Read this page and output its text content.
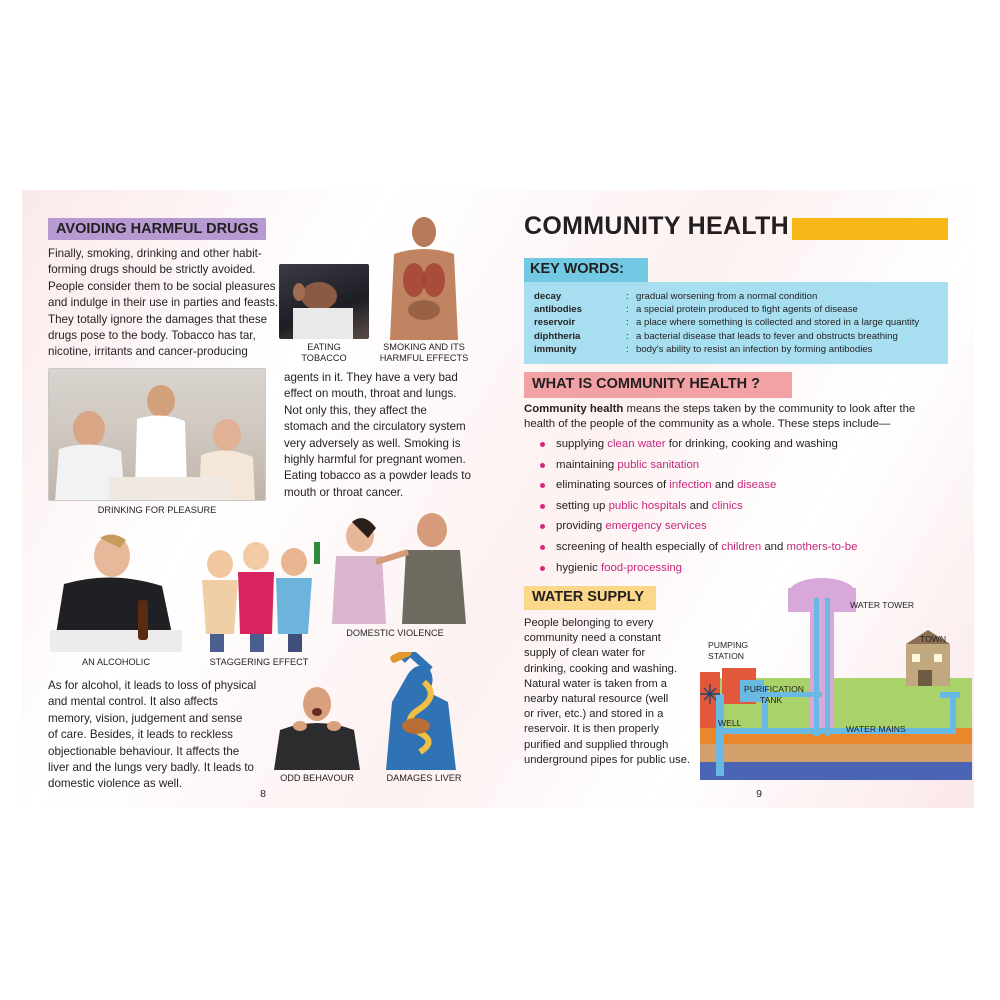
AVOIDING HARMFUL DRUGS
Finally, smoking, drinking and other habit-
forming drugs should be strictly avoided.
People consider them to be social pleasures
and indulge in their use in parties and feasts.
They totally ignore the damages that these
drugs pose to the body. Tobacco has tar,
nicotine, irritants and cancer-producing	EATING TOBACCO
SMOKING AND ITS HARMFUL EFFECTS
DRINKING FOR PLEASURE
agents in it. They have a very bad
effect on mouth, throat and lungs.
Not only this, they affect the
stomach and the circulatory system
very adversely as well. Smoking is
highly harmful for pregnant women.
Eating tobacco as a powder leads to
mouth or throat cancer.
AN ALCOHOLIC	STAGGERING EFFECT
DOMESTIC VIOLENCE
As for alcohol, it leads to loss of physical
and mental control. It also affects
memory, vision, judgement and sense
of care. Besides, it leads to reckless
objectionable behaviour. It affects the
liver and the lungs very badly. It leads to
domestic violence as well.	ODD BEHAVOUR	DAMAGES LIVER
8
COMMUNITY HEALTH
KEY WORDS:
decay	: gradual worsening from a normal condition
antibodies	: a special protein produced to fight agents of disease
reservoir	: a place where something is collected and stored in a large quantity
diphtheria	: a bacterial disease that leads to fever and obstructs breathing
immunity	: body's ability to resist an infection by forming antibodies
WHAT IS COMMUNITY HEALTH ?
Community health means the steps taken by the community to look after the
health of the people of the community as a whole. These steps include—
supplying clean water for drinking, cooking and washing
maintaining public sanitation
eliminating sources of infection and disease
setting up public hospitals and clinics
providing emergency services
screening of health especially of children and mothers-to-be
hygienic food-processing
WATER SUPPLY
People belonging to every
community need a constant
supply of clean water for
drinking, cooking and washing.
Natural water is taken from a
nearby natural resource (well
or river, etc.) and stored in a
reservoir. It is then properly
purified and supplied through
underground pipes for public use.
WATER TOWER
TOWN
PUMPING
STATION
PURIFICATION
TANK
WELL
WATER MAINS
9
